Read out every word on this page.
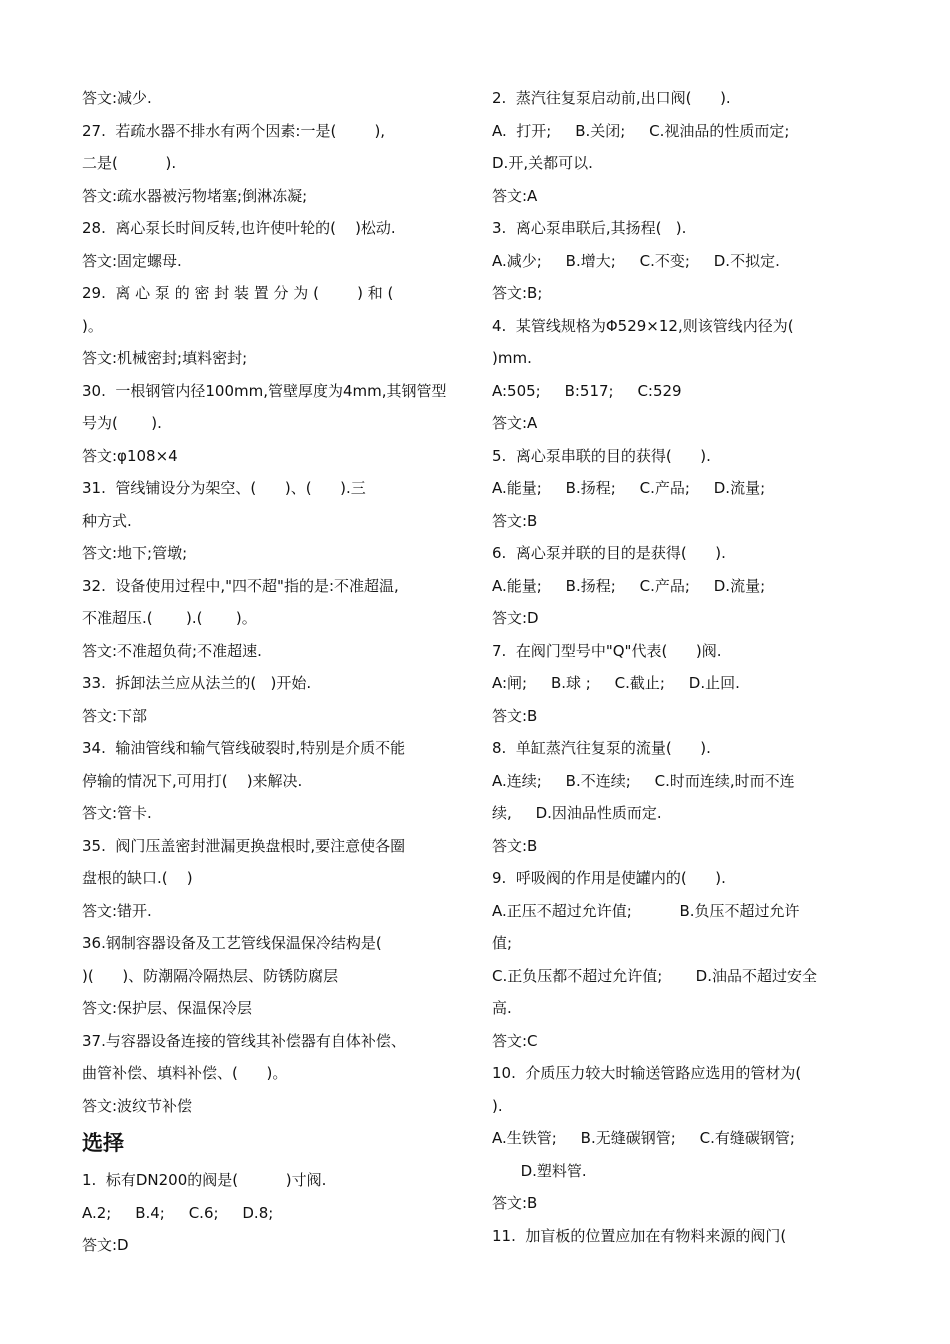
答文:减少.
27.  若疏水器不排水有两个因素:一是(        ),
二是(          ).
答文:疏水器被污物堵塞;倒淋冻凝;
28.  离心泵长时间反转,也许使叶轮的(    )松动.
答文:固定螺母.
29.  离 心 泵 的 密 封 装 置 分 为 (        ) 和 (
)。
答文:机械密封;填料密封;
30.  一根钢管内径100mm,管壁厚度为4mm,其钢管型
号为(       ).
答文:φ108×4
31.  管线铺设分为架空、(      )、(      ).三
种方式.
答文:地下;管墩;
32.  设备使用过程中,"四不超"指的是:不准超温,
不准超压.(       ).(       )。
答文:不准超负荷;不准超速.
33.  拆卸法兰应从法兰的(   )开始.
答文:下部
34.  输油管线和输气管线破裂时,特别是介质不能
停输的情况下,可用打(    )来解决.
答文:管卡.
35.  阀门压盖密封泄漏更换盘根时,要注意使各圈
盘根的缺口.(    )
答文:错开.
36.钢制容器设备及工艺管线保温保冷结构是(
)(      )、防潮隔冷隔热层、防锈防腐层
答文:保护层、保温保冷层
37.与容器设备连接的管线其补偿器有自体补偿、
曲管补偿、填料补偿、(      )。
答文:波纹节补偿
选择
1.  标有DN200的阀是(          )寸阀.
A.2;     B.4;     C.6;     D.8;
答文:D
2.  蒸汽往复泵启动前,出口阀(      ).
A.  打开;     B.关闭;     C.视油品的性质而定;
D.开,关都可以.
答文:A
3.  离心泵串联后,其扬程(   ).
A.减少;     B.增大;     C.不变;     D.不拟定.
答文:B;
4.  某管线规格为Φ529×12,则该管线内径为(
)mm.
A:505;     B:517;     C:529
答文:A
5.  离心泵串联的目的获得(      ).
A.能量;     B.扬程;     C.产品;     D.流量;
答文:B
6.  离心泵并联的目的是获得(      ).
A.能量;     B.扬程;     C.产品;     D.流量;
答文:D
7.  在阀门型号中"Q"代表(      )阀.
A:闸;     B.球 ;     C.截止;     D.止回.
答文:B
8.  单缸蒸汽往复泵的流量(      ).
A.连续;     B.不连续;     C.时而连续,时而不连
续,     D.因油品性质而定.
答文:B
9.  呼吸阀的作用是使罐内的(      ).
A.正压不超过允许值;          B.负压不超过允许
值;
C.正负压都不超过允许值;       D.油品不超过安全
高.
答文:C
10.  介质压力较大时输送管路应选用的管材为(
).
A.生铁管;     B.无缝碳钢管;     C.有缝碳钢管;
D.塑料管.
答文:B
11.  加盲板的位置应加在有物料来源的阀门(
